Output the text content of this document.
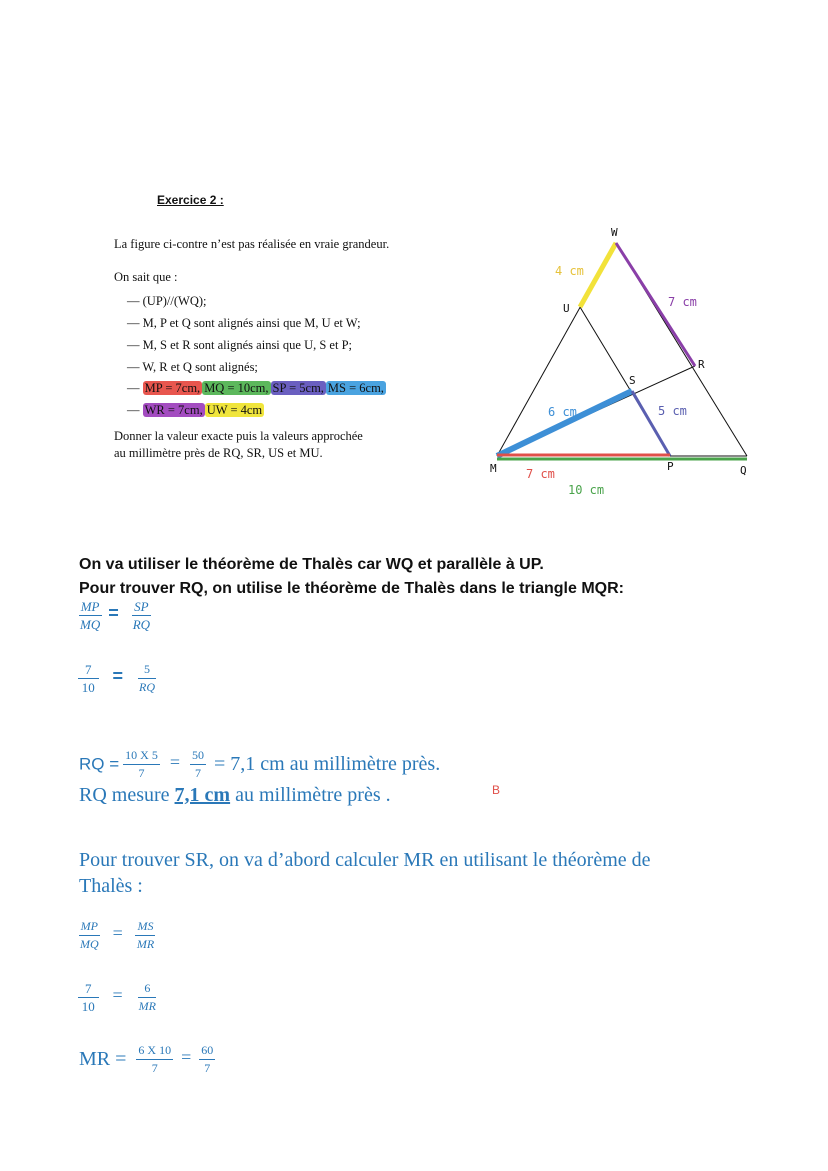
Exercice 2 :
La figure ci-contre n’est pas réalisée en vraie grandeur.
On sait que :
— (UP)//(WQ);
— M, P et Q sont alignés ainsi que M, U et W;
— M, S et R sont alignés ainsi que U, S et P;
— W, R et Q sont alignés;
— MP = 7cm, MQ = 10cm, SP = 5cm, MS = 6cm,
— WR = 7cm, UW = 4cm
Donner la valeur exacte puis la valeurs approchée
au millimètre près de RQ, SR, US et MU.
W
U
R
S
M	P	Q
4 cm
7 cm
6 cm	5 cm
7 cm
10 cm
On va utiliser le théorème de Thalès car WQ et parallèle à UP.
Pour trouver RQ, on utilise le théorème de Thalès dans le triangle MQR:
$\frac{MP}{MQ} = \frac{SP}{RQ}$
$\frac{7}{10} = \frac{5}{RQ}$
RQ = $\frac{10 X 5}{7} = \frac{50}{7} = 7,1$ cm au millimètre près.
RQ mesure 7,1 cm au millimètre près .	B
Pour trouver SR, on va d’abord calculer MR en utilisant le théorème de
Thalès :
$\frac{MP}{MQ} = \frac{MS}{MR}$
$\frac{7}{10} = \frac{6}{MR}$
MR = $\frac{6 X 10}{7} = \frac{60}{7}$
